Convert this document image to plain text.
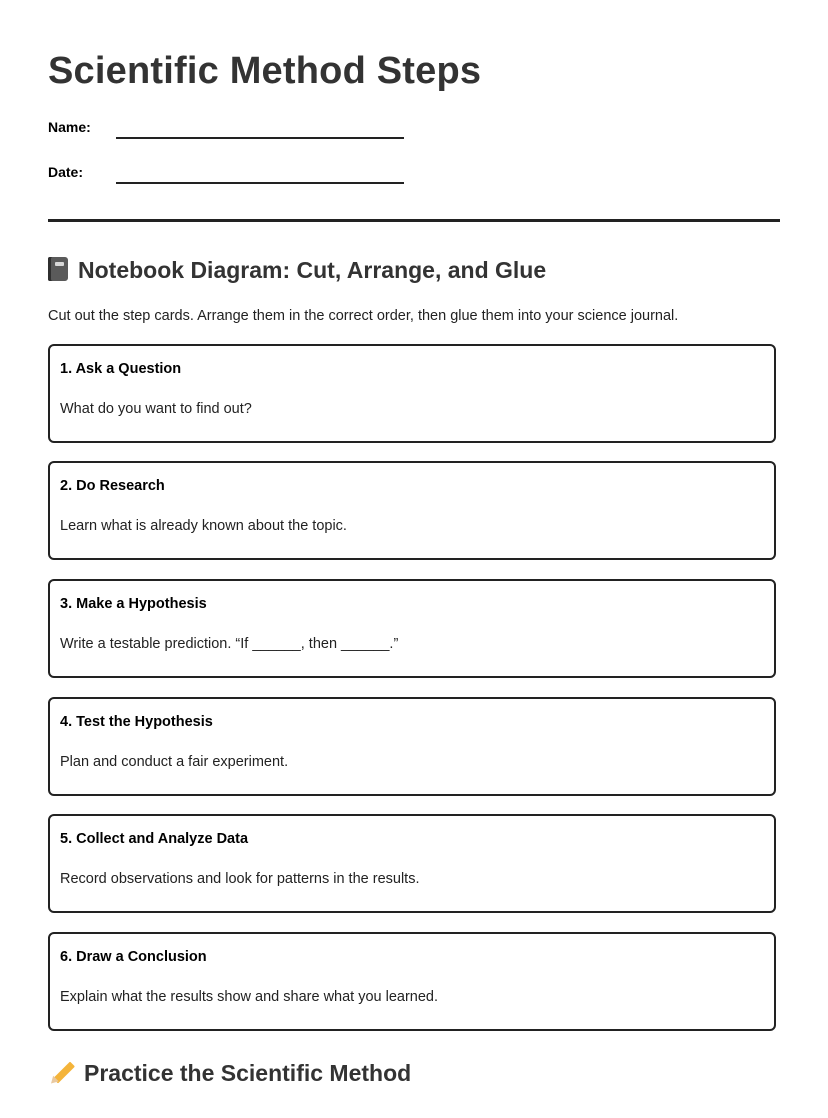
Scientific Method Steps
Name:
Date:
Notebook Diagram: Cut, Arrange, and Glue

Cut out the step cards. Arrange them in the correct order, then glue them into your science journal.

1. Ask a Question

What do you want to find out?

2. Do Research

Learn what is already known about the topic.

3. Make a Hypothesis

Write a testable prediction. “If ______, then ______.”

4. Test the Hypothesis

Plan and conduct a fair experiment.

5. Collect and Analyze Data

Record observations and look for patterns in the results.

6. Draw a Conclusion

Explain what the results show and share what you learned.

Practice the Scientific Method
